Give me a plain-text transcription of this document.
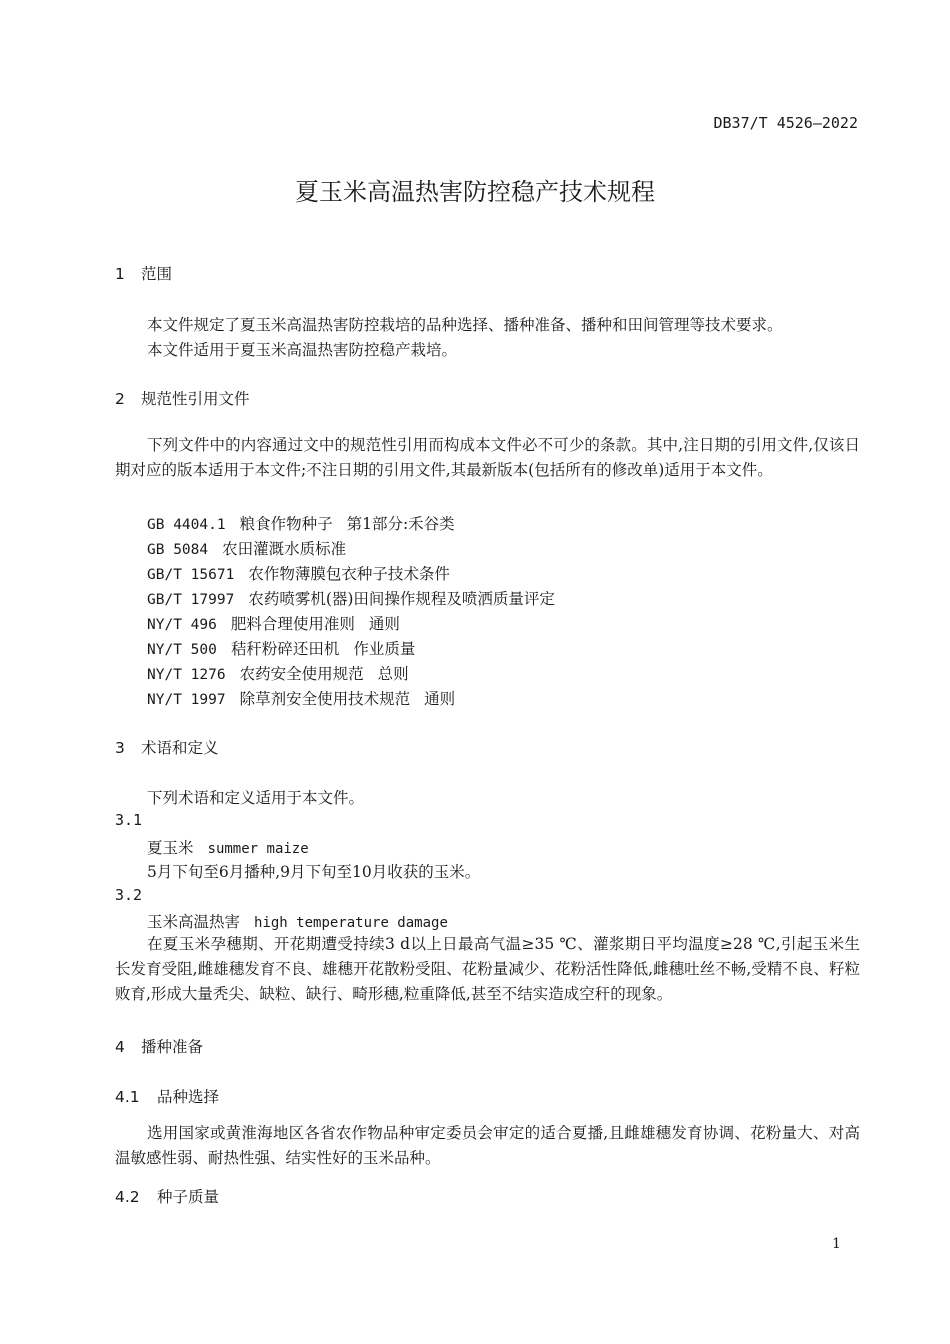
DB37/T 4526—2022
夏玉米高温热害防控稳产技术规程
1 范围
本文件规定了夏玉米高温热害防控栽培的品种选择、播种准备、播种和田间管理等技术要求。
本文件适用于夏玉米高温热害防控稳产栽培。
2 规范性引用文件
下列文件中的内容通过文中的规范性引用而构成本文件必不可少的条款。其中,注日期的引用文件,仅该日期对应的版本适用于本文件;不注日期的引用文件,其最新版本(包括所有的修改单)适用于本文件。
GB 4404.1 粮食作物种子 第1部分:禾谷类
GB 5084 农田灌溉水质标准
GB/T 15671 农作物薄膜包衣种子技术条件
GB/T 17997 农药喷雾机(器)田间操作规程及喷洒质量评定
NY/T 496 肥料合理使用准则 通则
NY/T 500 秸秆粉碎还田机 作业质量
NY/T 1276 农药安全使用规范 总则
NY/T 1997 除草剂安全使用技术规范 通则
3 术语和定义
下列术语和定义适用于本文件。
3.1
夏玉米 summer maize
5月下旬至6月播种,9月下旬至10月收获的玉米。
3.2
玉米高温热害 high temperature damage
在夏玉米孕穗期、开花期遭受持续3 d以上日最高气温≥35 ℃、灌浆期日平均温度≥28 ℃,引起玉米生长发育受阻,雌雄穗发育不良、雄穗开花散粉受阻、花粉量减少、花粉活性降低,雌穗吐丝不畅,受精不良、籽粒败育,形成大量秃尖、缺粒、缺行、畸形穗,粒重降低,甚至不结实造成空秆的现象。
4 播种准备
4.1 品种选择
选用国家或黄淮海地区各省农作物品种审定委员会审定的适合夏播,且雌雄穗发育协调、花粉量大、对高温敏感性弱、耐热性强、结实性好的玉米品种。
4.2 种子质量
1
